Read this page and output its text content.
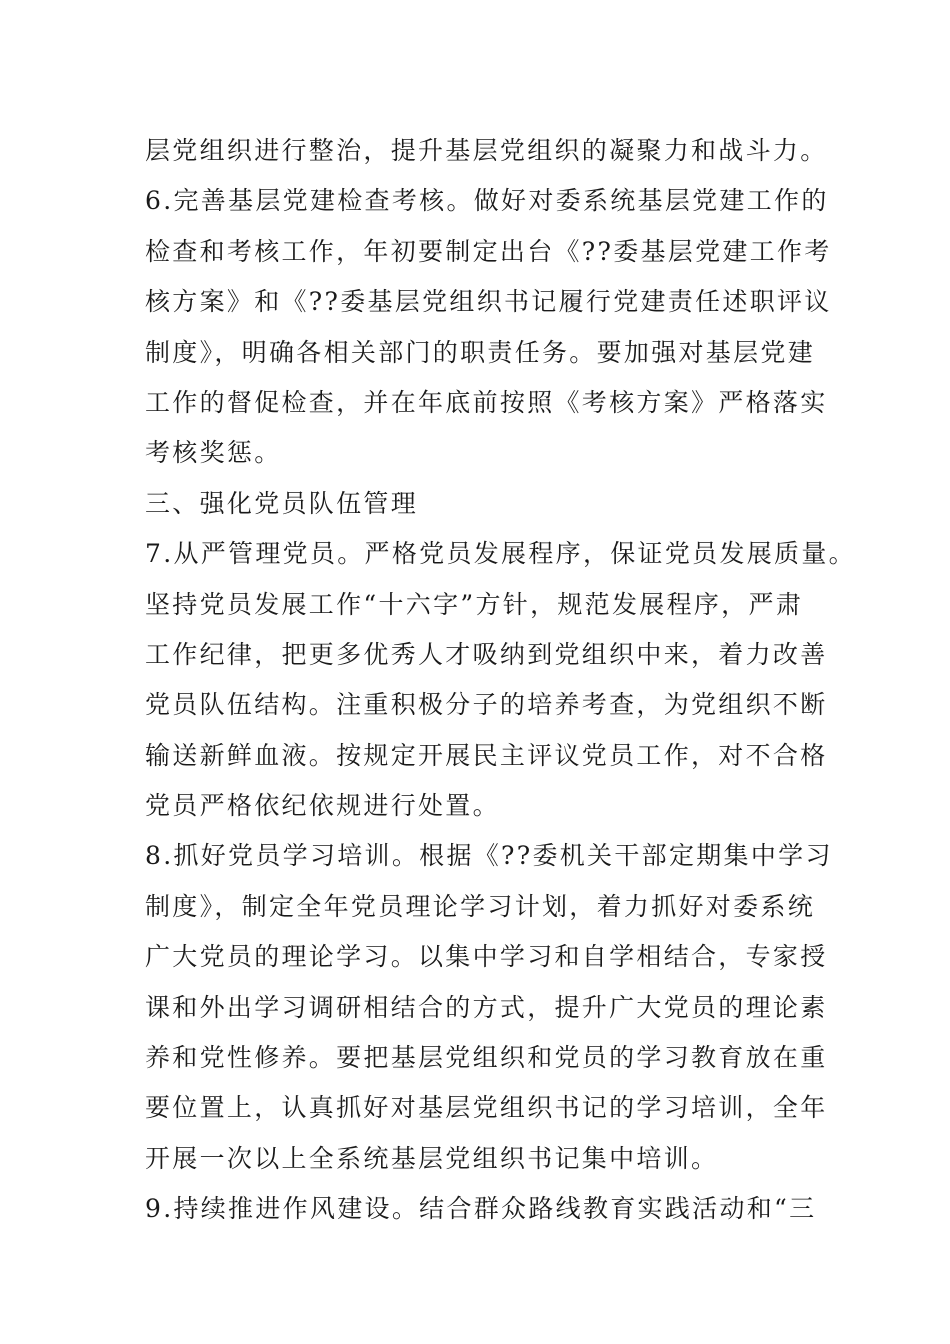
层党组织进行整治，提升基层党组织的凝聚力和战斗力。
6.完善基层党建检查考核。做好对委系统基层党建工作的
检查和考核工作，年初要制定出台《??委基层党建工作考
核方案》和《??委基层党组织书记履行党建责任述职评议
制度》，明确各相关部门的职责任务。要加强对基层党建
工作的督促检查，并在年底前按照《考核方案》严格落实
考核奖惩。
三、强化党员队伍管理
7.从严管理党员。严格党员发展程序，保证党员发展质量。
坚持党员发展工作“十六字”方针，规范发展程序，严肃
工作纪律，把更多优秀人才吸纳到党组织中来，着力改善
党员队伍结构。注重积极分子的培养考查，为党组织不断
输送新鲜血液。按规定开展民主评议党员工作，对不合格
党员严格依纪依规进行处置。
8.抓好党员学习培训。根据《??委机关干部定期集中学习
制度》，制定全年党员理论学习计划，着力抓好对委系统
广大党员的理论学习。以集中学习和自学相结合，专家授
课和外出学习调研相结合的方式，提升广大党员的理论素
养和党性修养。要把基层党组织和党员的学习教育放在重
要位置上，认真抓好对基层党组织书记的学习培训，全年
开展一次以上全系统基层党组织书记集中培训。
9.持续推进作风建设。结合群众路线教育实践活动和“三
